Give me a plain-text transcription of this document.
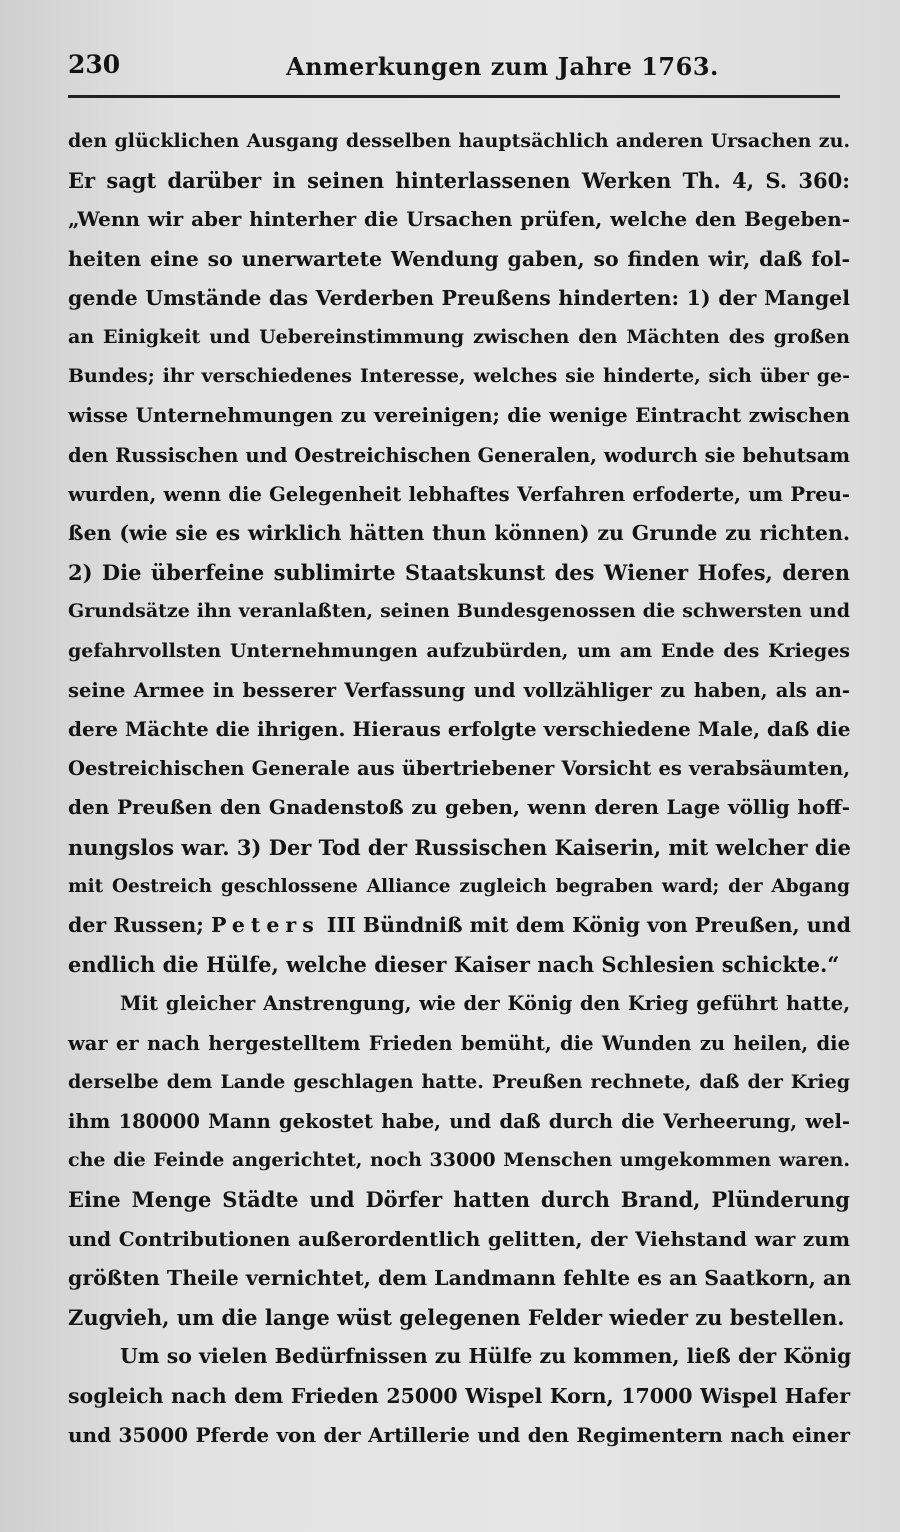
230	Anmerkungen zum Jahre 1763.

den glücklichen Ausgang desselben hauptsächlich anderen Ursachen zu.

Er sagt darüber in seinen hinterlassenen Werken Th. 4, S. 360:

„Wenn wir aber hinterher die Ursachen prüfen, welche den Begeben-

heiten eine so unerwartete Wendung gaben, so finden wir, daß fol-

gende Umstände das Verderben Preußens hinderten: 1) der Mangel

an Einigkeit und Uebereinstimmung zwischen den Mächten des großen

Bundes; ihr verschiedenes Interesse, welches sie hinderte, sich über ge-

wisse Unternehmungen zu vereinigen; die wenige Eintracht zwischen

den Russischen und Oestreichischen Generalen, wodurch sie behutsam

wurden, wenn die Gelegenheit lebhaftes Verfahren erfoderte, um Preu-

ßen (wie sie es wirklich hätten thun können) zu Grunde zu richten.

2) Die überfeine sublimirte Staatskunst des Wiener Hofes, deren

Grundsätze ihn veranlaßten, seinen Bundesgenossen die schwersten und

gefahrvollsten Unternehmungen aufzubürden, um am Ende des Krieges

seine Armee in besserer Verfassung und vollzähliger zu haben, als an-

dere Mächte die ihrigen. Hieraus erfolgte verschiedene Male, daß die

Oestreichischen Generale aus übertriebener Vorsicht es verabsäumten,

den Preußen den Gnadenstoß zu geben, wenn deren Lage völlig hoff-

nungslos war. 3) Der Tod der Russischen Kaiserin, mit welcher die

mit Oestreich geschlossene Alliance zugleich begraben ward; der Abgang

der Russen; Peters III Bündniß mit dem König von Preußen, und

endlich die Hülfe, welche dieser Kaiser nach Schlesien schickte.“

Mit gleicher Anstrengung, wie der König den Krieg geführt hatte,

war er nach hergestelltem Frieden bemüht, die Wunden zu heilen, die

derselbe dem Lande geschlagen hatte. Preußen rechnete, daß der Krieg

ihm 180000 Mann gekostet habe, und daß durch die Verheerung, wel-

che die Feinde angerichtet, noch 33000 Menschen umgekommen waren.

Eine Menge Städte und Dörfer hatten durch Brand, Plünderung

und Contributionen außerordentlich gelitten, der Viehstand war zum

größten Theile vernichtet, dem Landmann fehlte es an Saatkorn, an

Zugvieh, um die lange wüst gelegenen Felder wieder zu bestellen.

Um so vielen Bedürfnissen zu Hülfe zu kommen, ließ der König

sogleich nach dem Frieden 25000 Wispel Korn, 17000 Wispel Hafer

und 35000 Pferde von der Artillerie und den Regimentern nach einer
